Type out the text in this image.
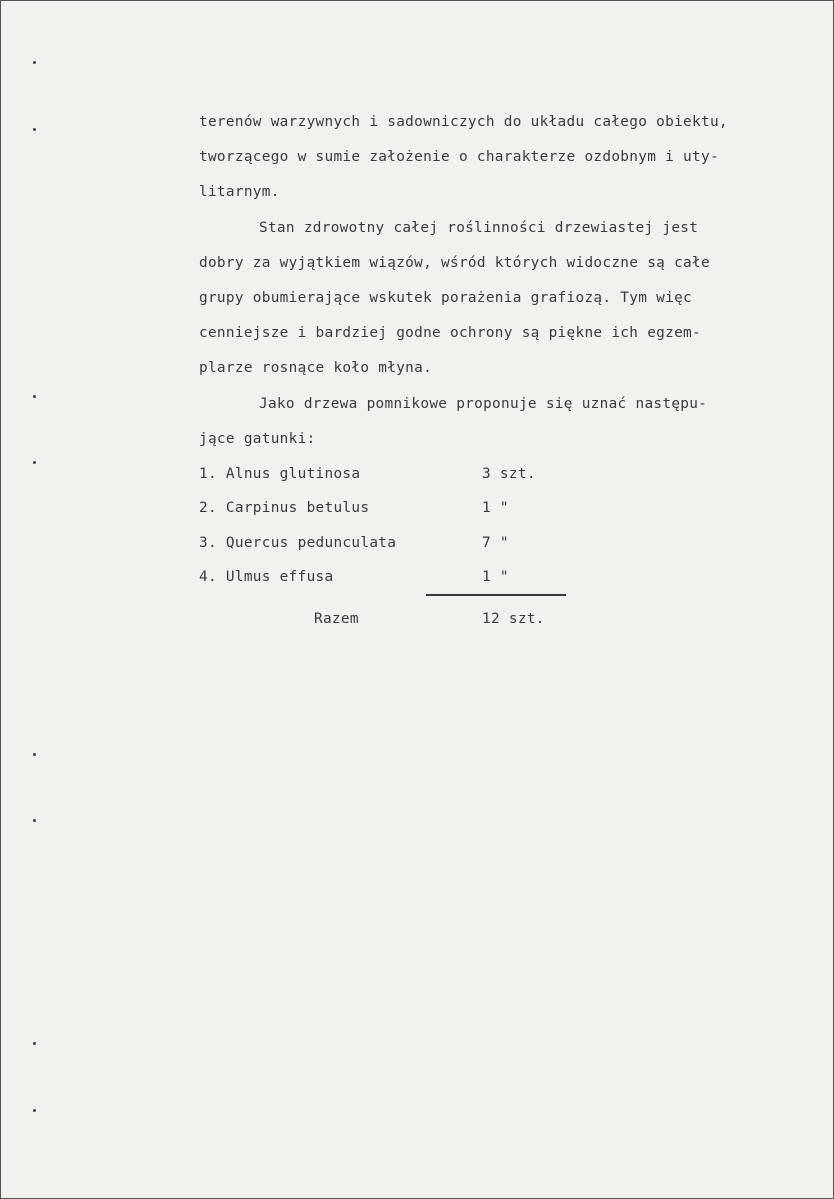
terenów warzywnych i sadowniczych do układu całego obiektu,
tworzącego w sumie założenie o charakterze ozdobnym i uty-
litarnym.
Stan zdrowotny całej roślinności drzewiastej jest
dobry za wyjątkiem wiązów, wśród których widoczne są całe
grupy obumierające wskutek porażenia grafiozą. Tym więc
cenniejsze i bardziej godne ochrony są piękne ich egzem-
plarze rosnące koło młyna.
Jako drzewa pomnikowe proponuje się uznać następu-
jące gatunki:
1. Alnus glutinosa	3 szt.
2. Carpinus betulus	1 "
3. Quercus pedunculata	7 "
4. Ulmus effusa	1 "
Razem	12 szt.
